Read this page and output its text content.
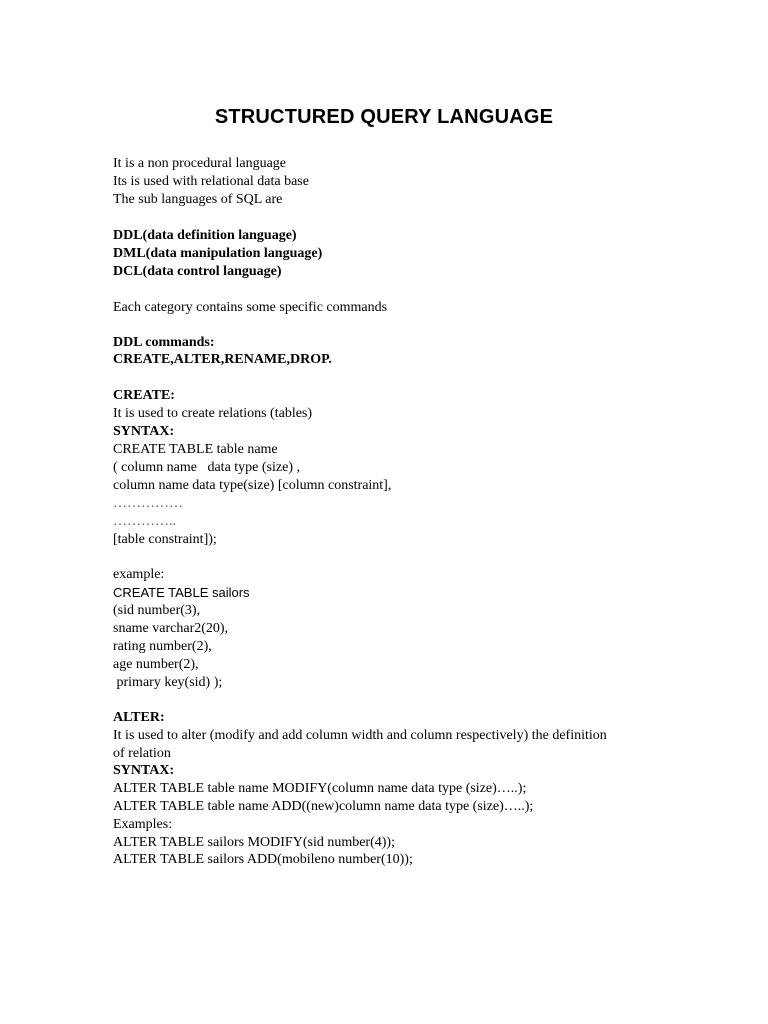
STRUCTURED QUERY LANGUAGE
It is a non procedural language
Its is used with relational data base
The sub languages of SQL are
DDL(data definition language)
DML(data manipulation language)
DCL(data control language)
Each category contains some specific commands
DDL commands:
CREATE,ALTER,RENAME,DROP.
CREATE:
It is used to create relations (tables)
SYNTAX:
CREATE TABLE table name
( column name   data type (size) ,
column name data type(size) [column constraint],
……………
…………..
[table constraint]);
example:
CREATE TABLE sailors
(sid number(3),
sname varchar2(20),
rating number(2),
age number(2),
primary key(sid) );
ALTER:
It is used to alter (modify and add column width and column respectively) the definition
of relation
SYNTAX:
ALTER TABLE table name MODIFY(column name data type (size)…..);
ALTER TABLE table name ADD((new)column name data type (size)…..);
Examples:
ALTER TABLE sailors MODIFY(sid number(4));
ALTER TABLE sailors ADD(mobileno number(10));
